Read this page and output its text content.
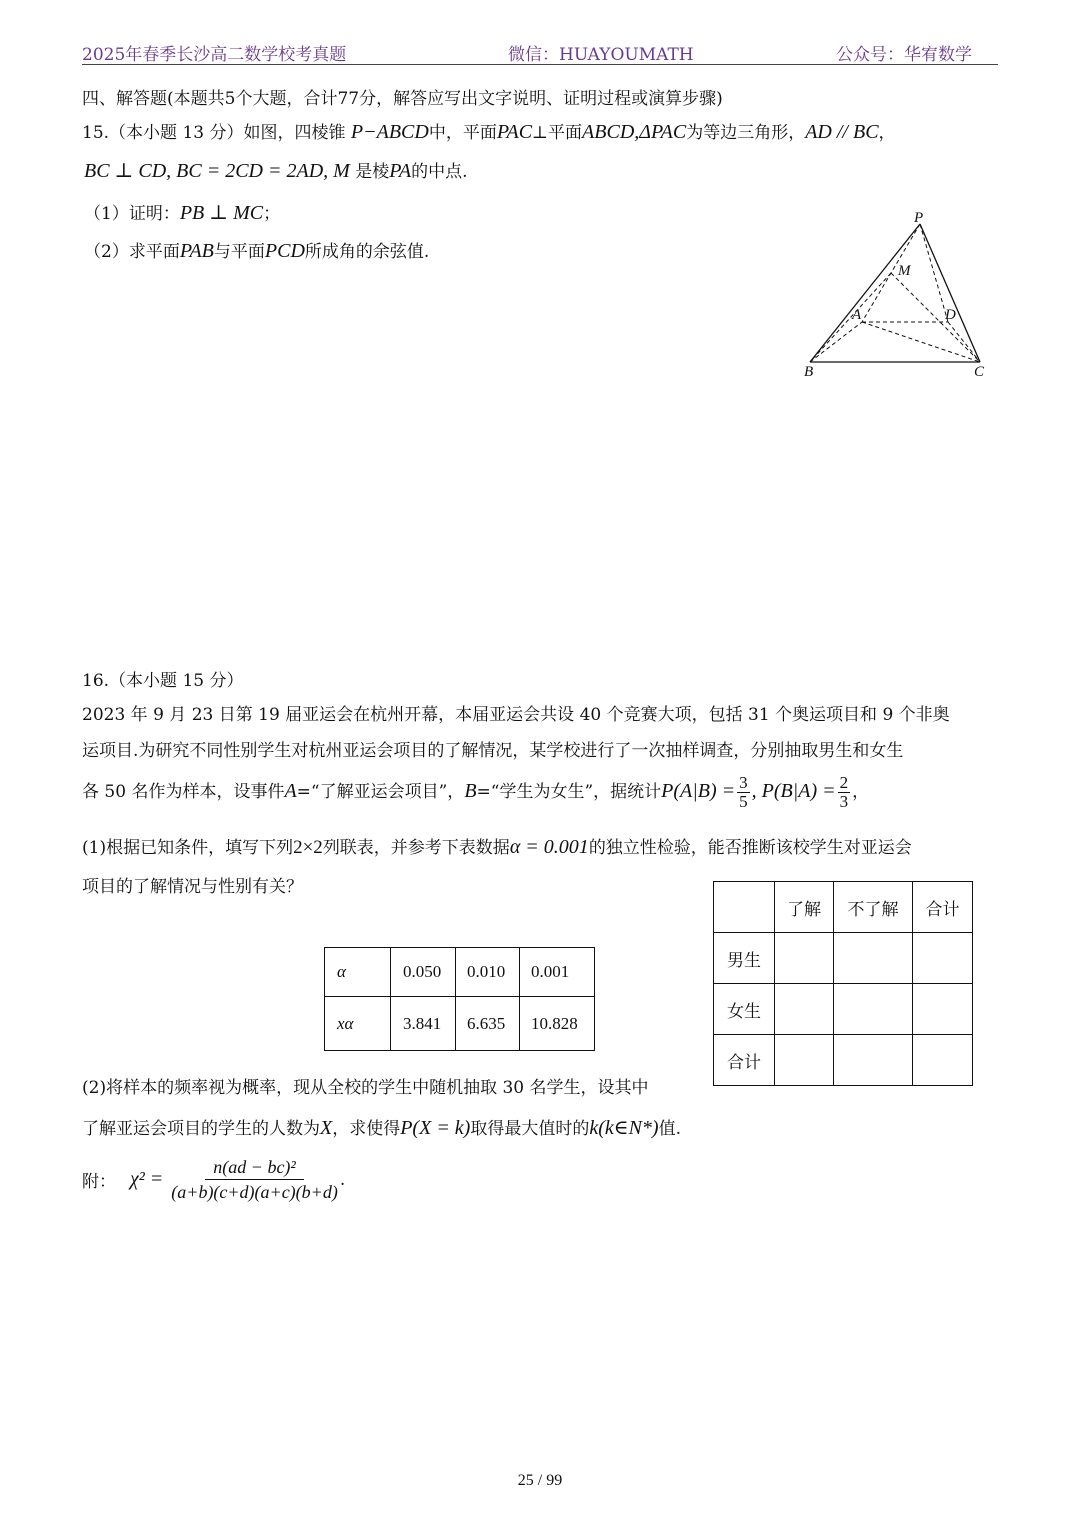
2025年春季长沙高二数学校考真题	微信：HUAYOUMATH	公众号：华宥数学
四、解答题(本题共5个大题，合计77分，解答应写出文字说明、证明过程或演算步骤)
15.（本小题 13 分）如图，四棱锥 P−ABCD中，平面PAC⊥平面ABCD,ΔPAC为等边三角形，AD // BC，
BC ⊥ CD, BC = 2CD = 2AD, M 是棱PA的中点.
（1）证明：PB ⊥ MC；
（2）求平面PAB与平面PCD所成角的余弦值.
P
M
A	D
B	C
16.（本小题 15 分）
2023 年 9 月 23 日第 19 届亚运会在杭州开幕，本届亚运会共设 40 个竞赛大项，包括 31 个奥运项目和 9 个非奥
运项目.为研究不同性别学生对杭州亚运会项目的了解情况，某学校进行了一次抽样调查，分别抽取男生和女生
各 50 名作为样本，设事件A=“了解亚运会项目”，B=“学生为女生”，据统计$P(A|B) = \frac{3}{5}$ , $P(B|A) = \frac{2}{3}$ ，
(1)根据已知条件，填写下列2×2列联表，并参考下表数据α = 0.001的独立性检验，能否推断该校学生对亚运会
项目的了解情况与性别有关？
α	0.050	0.010	0.001
xα	3.841	6.635	10.828
	了解	不了解	合计
男生			
女生			
合计			
(2)将样本的频率视为概率，现从全校的学生中随机抽取 30 名学生，设其中
了解亚运会项目的学生的人数为X，求使得P(X = k)取得最大值时的k(k∈N*)值.
附： $\chi^2 = \frac{\text{n(ad − bc)²}}{(a+b)(c+d)(a+c)(b+d)}$ .
25 / 99
